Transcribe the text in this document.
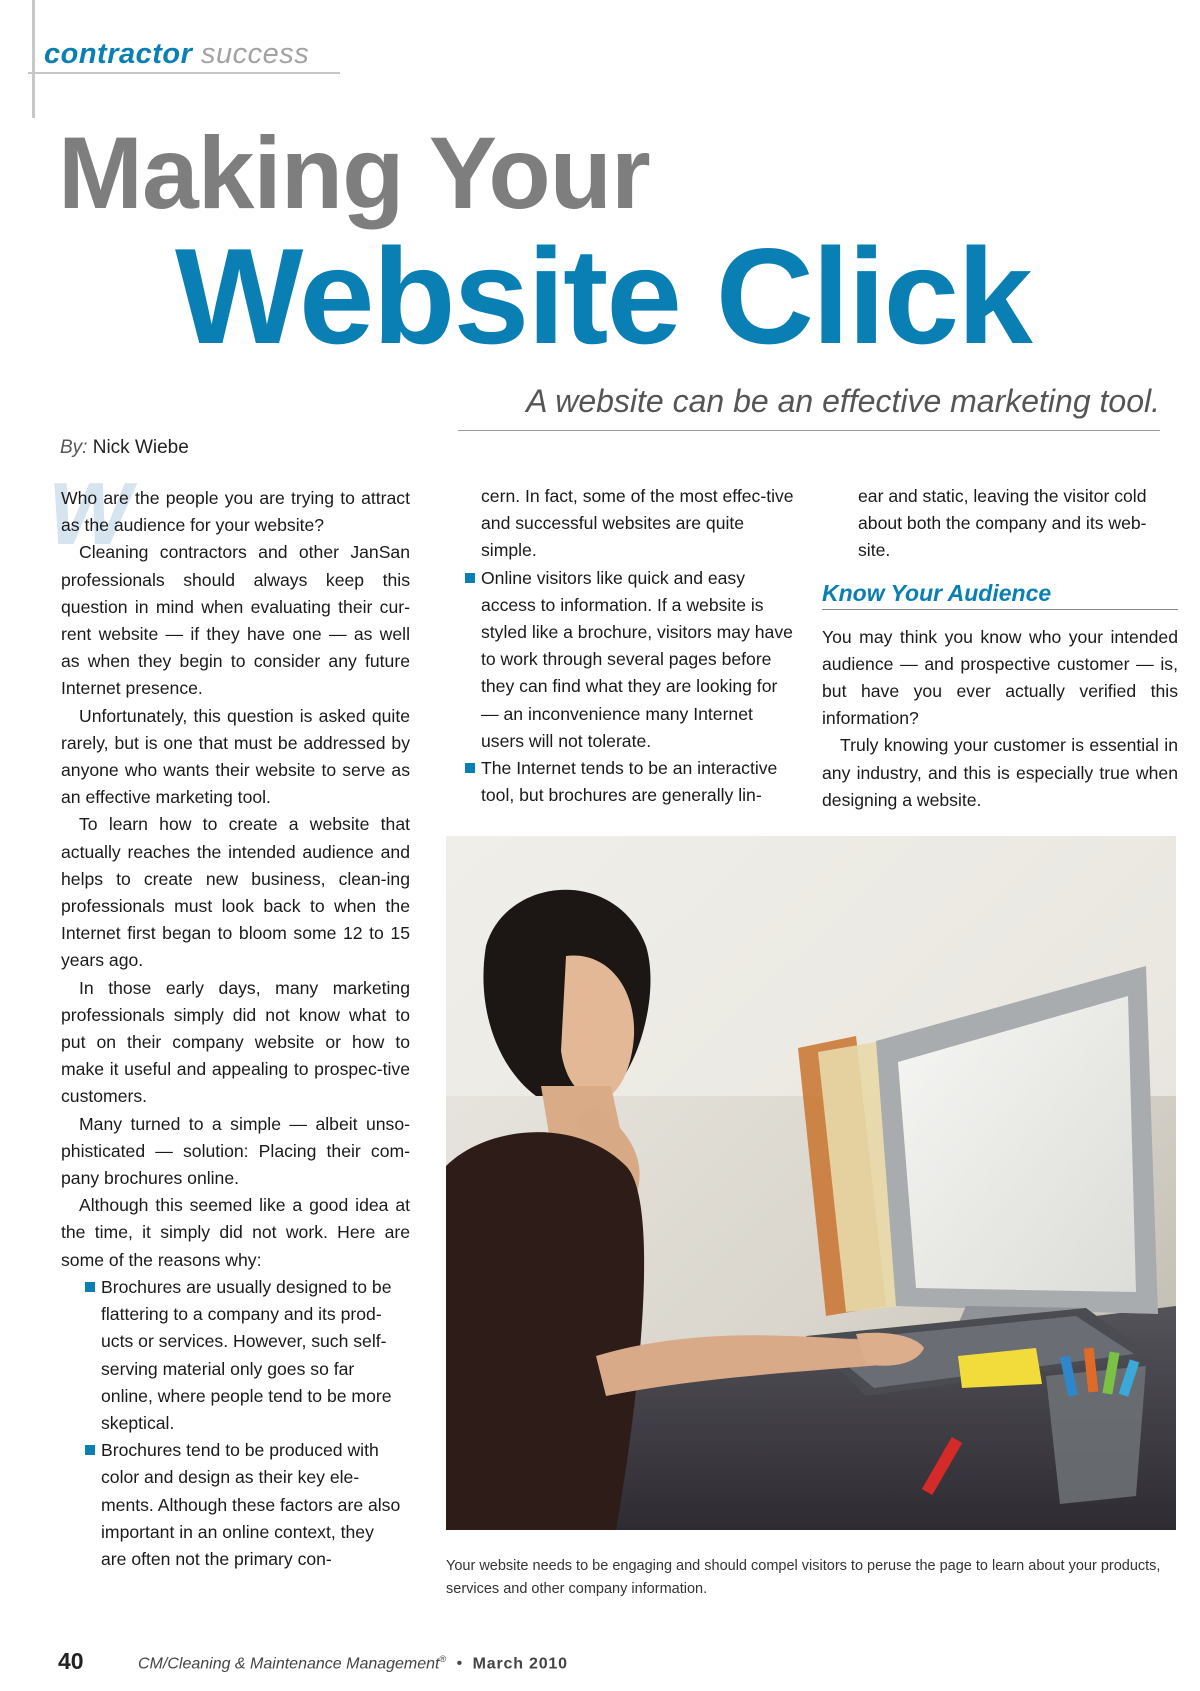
contractor success
Making Your
Website Click
A website can be an effective marketing tool.
By: Nick Wiebe
W

Who are the people you are trying to attract as the audience for your website?

Cleaning contractors and other JanSan professionals should always keep this question in mind when evaluating their cur-rent website — if they have one — as well as when they begin to consider any future Internet presence.

Unfortunately, this question is asked quite rarely, but is one that must be addressed by anyone who wants their website to serve as an effective marketing tool.

To learn how to create a website that actually reaches the intended audience and helps to create new business, clean-ing professionals must look back to when the Internet first began to bloom some 12 to 15 years ago.

In those early days, many marketing professionals simply did not know what to put on their company website or how to make it useful and appealing to prospec-tive customers.

Many turned to a simple — albeit unso-phisticated — solution: Placing their com-pany brochures online.

Although this seemed like a good idea at the time, it simply did not work. Here are some of the reasons why:

Brochures are usually designed to be flattering to a company and its prod-ucts or services. However, such self-serving material only goes so far online, where people tend to be more skeptical.
Brochures tend to be produced with color and design as their key ele-ments. Although these factors are also important in an online context, they are often not the primary con-

cern. In fact, some of the most effec-tive and successful websites are quite simple.

Online visitors like quick and easy access to information. If a website is styled like a brochure, visitors may have to work through several pages before they can find what they are looking for — an inconvenience many Internet users will not tolerate.
The Internet tends to be an interactive tool, but brochures are generally lin-

ear and static, leaving the visitor cold about both the company and its web-site.

Know Your Audience

You may think you know who your intended audience — and prospective customer — is, but have you ever actually verified this information?

Truly knowing your customer is essential in any industry, and this is especially true when designing a website.

Your website needs to be engaging and should compel visitors to peruse the page to learn about your products, services and other company information.
40	CM/Cleaning & Maintenance Management® • March 2010
